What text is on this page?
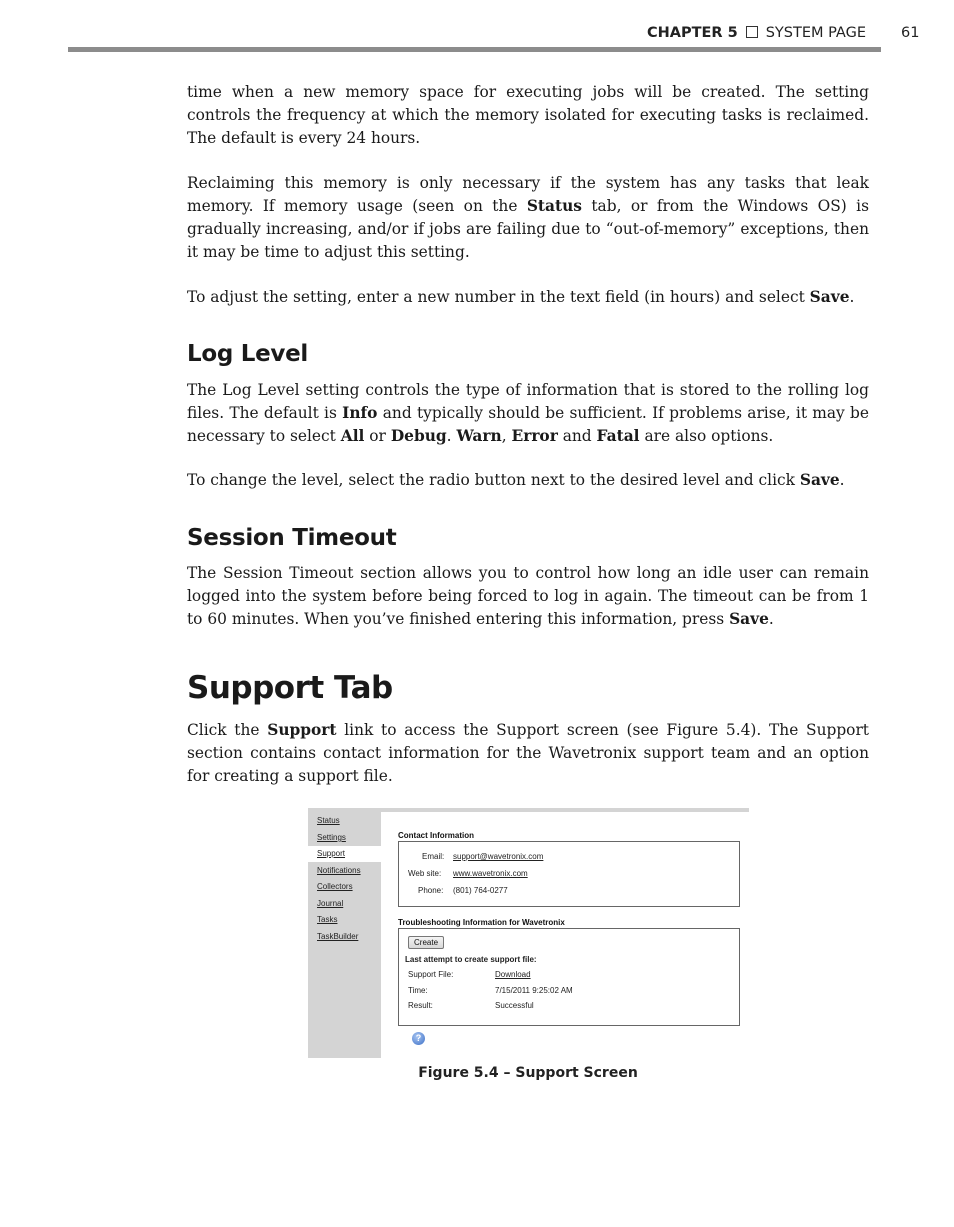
CHAPTER 5 SYSTEM PAGE 61

time when a new memory space for executing jobs will be created. The setting controls the frequency at which the memory isolated for executing tasks is reclaimed. The default is every 24 hours.

Reclaiming this memory is only necessary if the system has any tasks that leak memory. If memory usage (seen on the Status tab, or from the Windows OS) is gradually increasing, and/or if jobs are failing due to “out-of-memory” exceptions, then it may be time to adjust this setting.

To adjust the setting, enter a new number in the text field (in hours) and select Save.

Log Level

The Log Level setting controls the type of information that is stored to the rolling log files. The default is Info and typically should be sufficient. If problems arise, it may be necessary to select All or Debug. Warn, Error and Fatal are also options.

To change the level, select the radio button next to the desired level and click Save.

Session Timeout

The Session Timeout section allows you to control how long an idle user can remain logged into the system before being forced to log in again. The timeout can be from 1 to 60 minutes. When you’ve finished entering this information, press Save.

Support Tab

Click the Support link to access the Support screen (see Figure 5.4). The Support section contains contact information for the Wavetronix support team and an option for creating a support file.

Status
Settings
Support
Notifications
Collectors
Journal
Tasks
TaskBuilder
Contact Information
Email: support@wavetronix.com
Web site: www.wavetronix.com
Phone: (801) 764-0277
Troubleshooting Information for Wavetronix
Create
Last attempt to create support file:
Support File:	Download
Time:	7/15/2011 9:25:02 AM
Result:	Successful
?
Figure 5.4 – Support Screen
